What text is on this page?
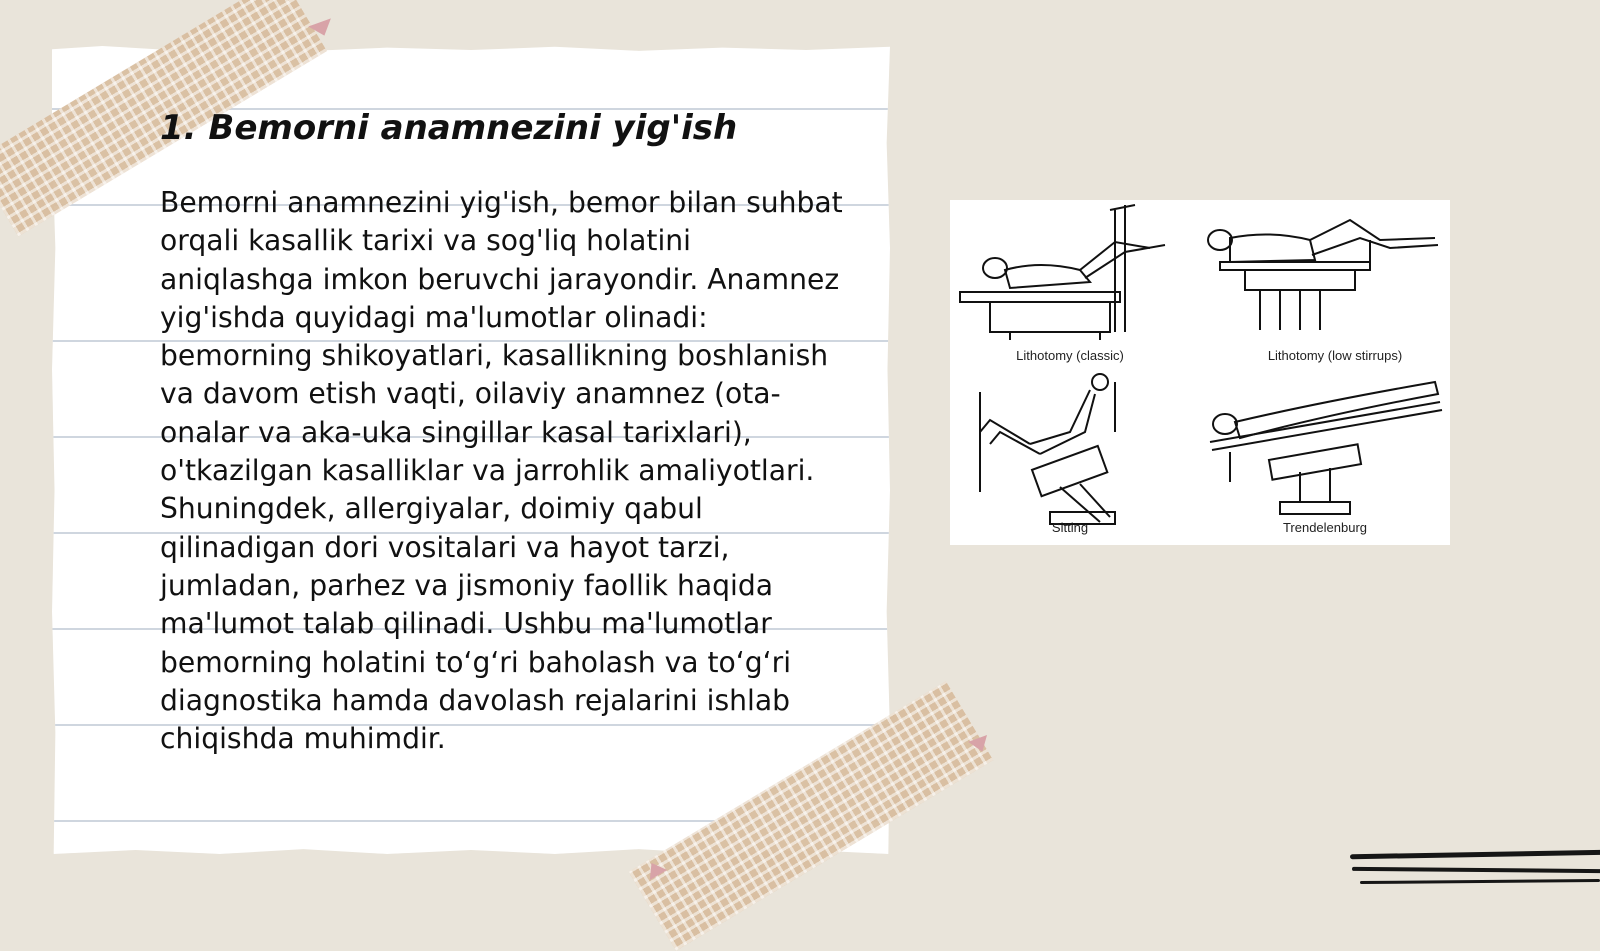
1. Bemorni anamnezini yig'ish

Bemorni anamnezini yig'ish, bemor bilan suhbat orqali kasallik tarixi va sog'liq holatini aniqlashga imkon beruvchi jarayondir. Anamnez yig'ishda quyidagi ma'lumotlar olinadi: bemorning shikoyatlari, kasallikning boshlanish va davom etish vaqti, oilaviy anamnez (ota-onalar va aka-uka singillar kasal tarixlari), o'tkazilgan kasalliklar va jarrohlik amaliyotlari. Shuningdek, allergiyalar, doimiy qabul qilinadigan dori vositalari va hayot tarzi, jumladan, parhez va jismoniy faollik haqida ma'lumot talab qilinadi. Ushbu ma'lumotlar bemorning holatini to‘g‘ri baholash va to‘g‘ri diagnostika hamda davolash rejalarini ishlab chiqishda muhimdir.

Lithotomy (classic)	Lithotomy (low stirrups)
Sitting	Trendelenburg
